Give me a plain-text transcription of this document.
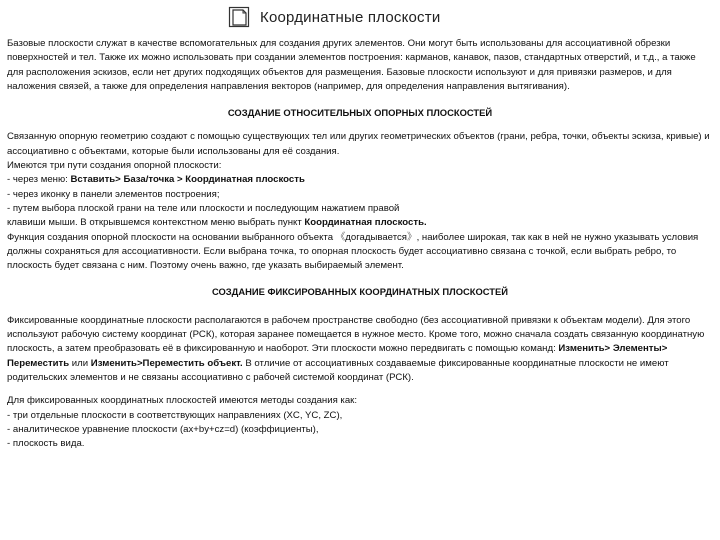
Координатные плоскости

Базовые плоскости служат в качестве вспомогательных для создания других элементов. Они могут быть использованы для ассоциативной обрезки поверхностей и тел. Также их можно использовать при создании элементов построения: карманов, канавок, пазов, стандартных отверстий, и т.д., а также для расположения эскизов, если нет других подходящих объектов для размещения. Базовые плоскости используют и для привязки размеров, и для наложения связей, а также для определения направления векторов (например, для определения направления вытягивания).

СОЗДАНИЕ ОТНОСИТЕЛЬНЫХ ОПОРНЫХ ПЛОСКОСТЕЙ

Связанную опорную геометрию создают с помощью существующих тел или других геометрических объектов (грани, ребра, точки, объекты эскиза, кривые) и ассоциативно с объектами, которые были использованы для её создания.

Имеются три пути создания опорной плоскости:

- через меню: Вставить> База/точка > Координатная плоскость

- через иконку в панели элементов построения;

- путем выбора плоской грани на теле или плоскости и последующим нажатием правой

клавиши мыши. В открывшемся контекстном меню выбрать пункт Координатная плоскость.

Функция создания опорной плоскости на основании выбранного объекта 《догадывается》, наиболее широкая, так как в ней не нужно указывать условия должны сохраняться для ассоциативности. Если выбрана точка, то опорная плоскость будет ассоциативно связана с точкой, если выбрать ребро, то плоскость будет связана с ним. Поэтому очень важно, где указать выбираемый элемент.

СОЗДАНИЕ ФИКСИРОВАННЫХ КООРДИНАТНЫХ ПЛОСКОСТЕЙ

Фиксированные координатные плоскости располагаются в рабочем пространстве свободно (без ассоциативной привязки к объектам модели). Для этого используют рабочую систему координат (РСК), которая заранее помещается в нужное место. Кроме того, можно сначала создать связанную координатную плоскость, а затем преобразовать её в фиксированную и наоборот. Эти плоскости можно передвигать с помощью команд: Изменить> Элементы> Переместить или Изменить>Переместить объект. В отличие от ассоциативных создаваемые фиксированные координатные плоскости не имеют родительских элементов и не связаны ассоциативно с рабочей системой координат (РСК).

Для фиксированных координатных плоскостей имеются методы создания как:

- три отдельные плоскости в соответствующих направлениях (XC, YC, ZC),

- аналитическое уравнение плоскости (ax+by+cz=d) (коэффициенты),

- плоскость вида.
